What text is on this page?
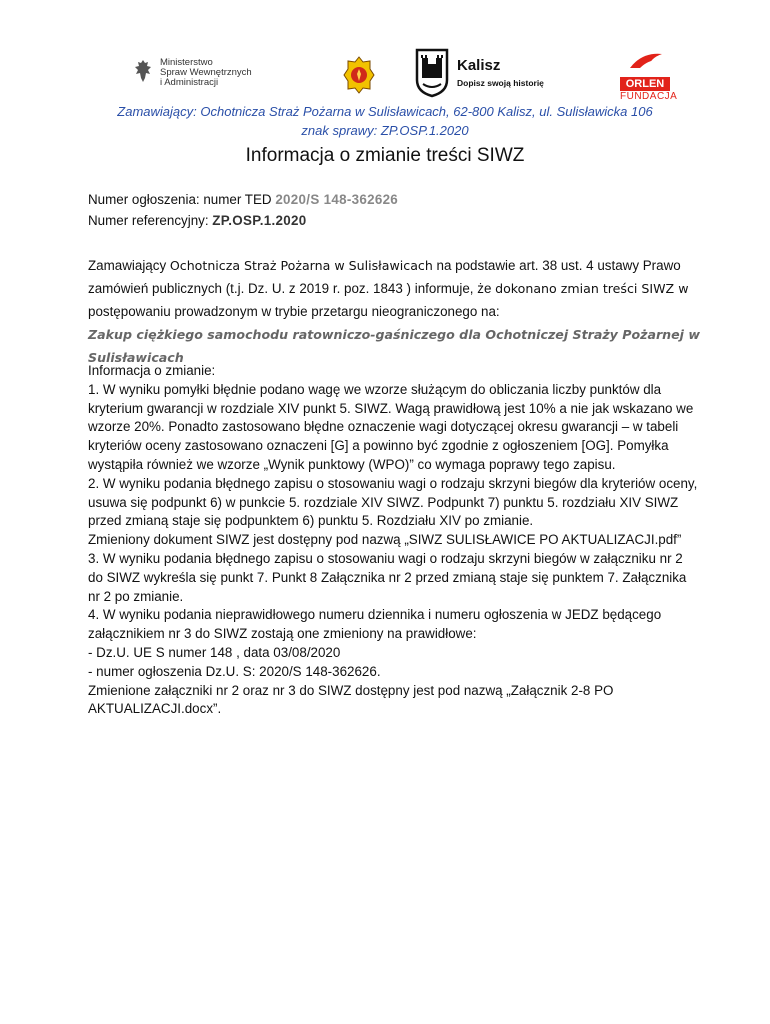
Ministerstwo
Spraw Wewnętrznych
i Administracji
Kalisz
Dopisz swoją historię	ORLEN
FUNDACJA
Zamawiający: Ochotnicza Straż Pożarna w Sulisławicach, 62-800 Kalisz, ul. Sulisławicka 106
znak sprawy: ZP.OSP.1.2020
Informacja o zmianie treści SIWZ
Numer ogłoszenia: numer TED 2020/S 148-362626
Numer referencyjny: ZP.OSP.1.2020
Zamawiający Ochotnicza Straż Pożarna w Sulisławicach na podstawie art. 38 ust. 4 ustawy Prawo
zamówień publicznych (t.j. Dz. U. z 2019 r. poz. 1843 ) informuje, że dokonano zmian treści SIWZ w
postępowaniu prowadzonym w trybie przetargu nieograniczonego na:
Zakup ciężkiego samochodu ratowniczo-gaśniczego dla Ochotniczej Straży Pożarnej w Sulisławicach
Informacja o zmianie:
1. W wyniku pomyłki błędnie podano wagę we wzorze służącym do obliczania liczby punktów dla
kryterium gwarancji w rozdziale XIV punkt 5. SIWZ. Wagą prawidłową jest 10% a nie jak wskazano we
wzorze 20%. Ponadto zastosowano błędne oznaczenie wagi dotyczącej okresu gwarancji – w tabeli
kryteriów oceny zastosowano oznaczeni [G] a powinno być zgodnie z ogłoszeniem [OG]. Pomyłka
wystąpiła również we wzorze „Wynik punktowy (WPO)” co wymaga poprawy tego zapisu.
2. W wyniku podania błędnego zapisu o stosowaniu wagi o rodzaju skrzyni biegów dla kryteriów oceny,
usuwa się podpunkt 6) w punkcie 5. rozdziale XIV SIWZ. Podpunkt 7) punktu 5. rozdziału XIV SIWZ
przed zmianą staje się podpunktem 6) punktu 5. Rozdziału XIV po zmianie.
Zmieniony dokument SIWZ jest dostępny pod nazwą „SIWZ SULISŁAWICE PO AKTUALIZACJI.pdf”
3. W wyniku podania błędnego zapisu o stosowaniu wagi o rodzaju skrzyni biegów w załączniku nr 2
do SIWZ wykreśla się punkt 7. Punkt 8 Załącznika nr 2 przed zmianą staje się punktem 7. Załącznika
nr 2 po zmianie.
4. W wyniku podania nieprawidłowego numeru dziennika i numeru ogłoszenia w JEDZ będącego
załącznikiem nr 3 do SIWZ zostają one zmieniony na prawidłowe:
- Dz.U. UE S numer 148 , data 03/08/2020
- numer ogłoszenia Dz.U. S: 2020/S 148-362626.
Zmienione załączniki nr 2 oraz nr 3 do SIWZ dostępny jest pod nazwą „Załącznik 2-8 PO
AKTUALIZACJI.docx”.
